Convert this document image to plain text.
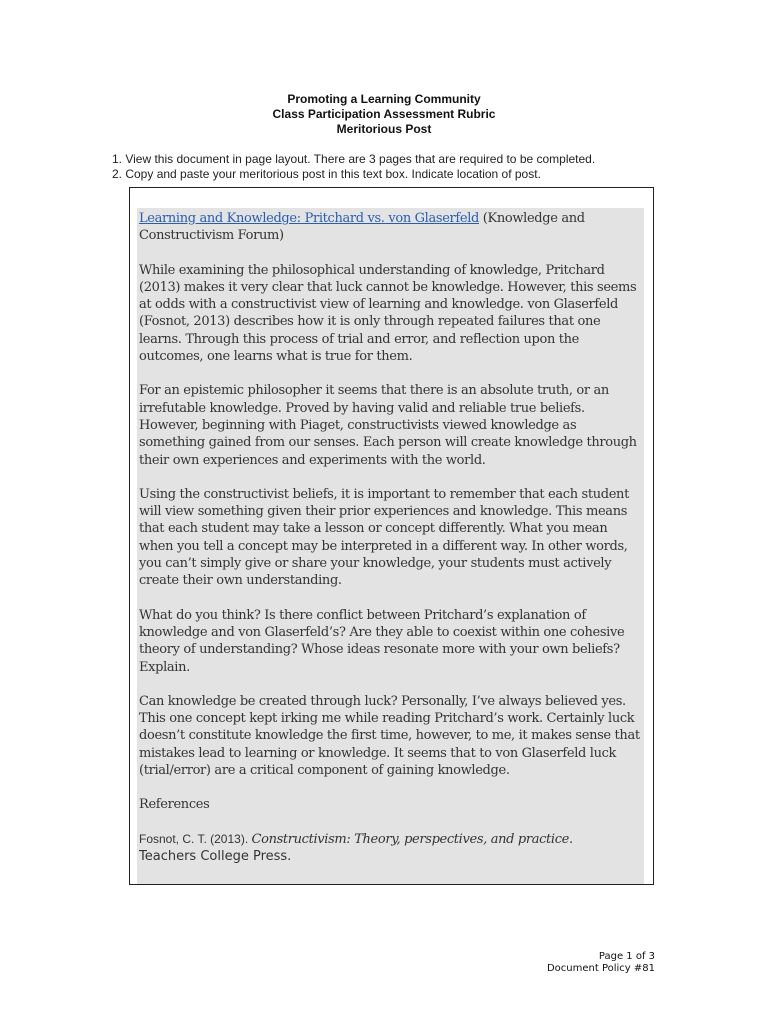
Promoting a Learning Community
Class Participation Assessment Rubric
Meritorious Post
1. View this document in page layout. There are 3 pages that are required to be completed.
2. Copy and paste your meritorious post in this text box. Indicate location of post.

Learning and Knowledge: Pritchard vs. von Glaserfeld (Knowledge and Constructivism Forum)

While examining the philosophical understanding of knowledge, Pritchard (2013) makes it very clear that luck cannot be knowledge. However, this seems at odds with a constructivist view of learning and knowledge. von Glaserfeld (Fosnot, 2013) describes how it is only through repeated failures that one learns. Through this process of trial and error, and reflection upon the outcomes, one learns what is true for them.

For an epistemic philosopher it seems that there is an absolute truth, or an irrefutable knowledge. Proved by having valid and reliable true beliefs. However, beginning with Piaget, constructivists viewed knowledge as something gained from our senses. Each person will create knowledge through their own experiences and experiments with the world.

Using the constructivist beliefs, it is important to remember that each student will view something given their prior experiences and knowledge. This means that each student may take a lesson or concept differently. What you mean when you tell a concept may be interpreted in a different way. In other words, you can’t simply give or share your knowledge, your students must actively create their own understanding.

What do you think? Is there conflict between Pritchard’s explanation of knowledge and von Glaserfeld’s? Are they able to coexist within one cohesive theory of understanding? Whose ideas resonate more with your own beliefs? Explain.

Can knowledge be created through luck? Personally, I’ve always believed yes. This one concept kept irking me while reading Pritchard’s work. Certainly luck doesn’t constitute knowledge the first time, however, to me, it makes sense that mistakes lead to learning or knowledge. It seems that to von Glaserfeld luck (trial/error) are a critical component of gaining knowledge.

References

Fosnot, C. T. (2013). Constructivism: Theory, perspectives, and practice.
Teachers College Press.
Page 1 of 3
Document Policy #81
